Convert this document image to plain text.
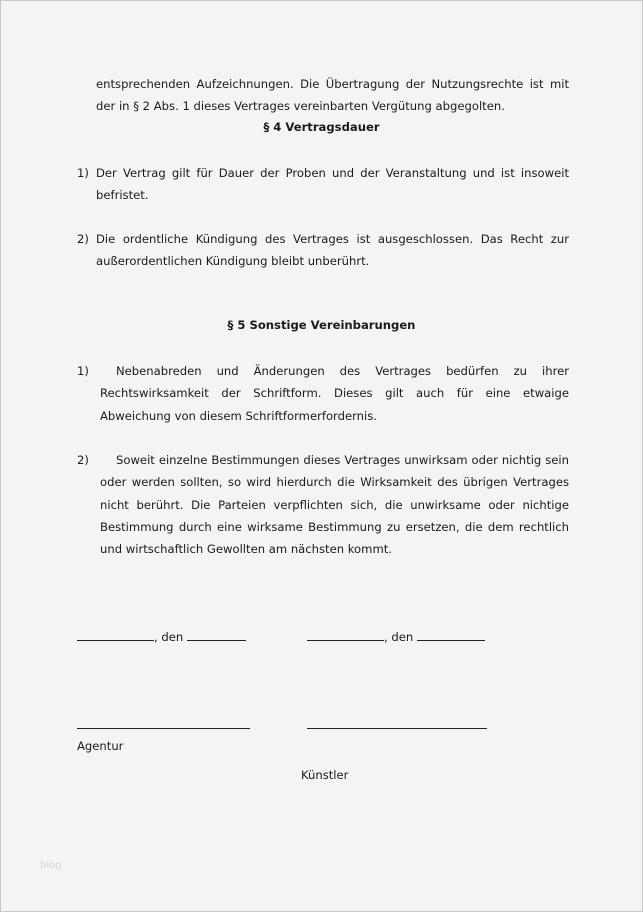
entsprechenden Aufzeichnungen. Die Übertragung der Nutzungsrechte ist mit der in § 2 Abs. 1 dieses Vertrages vereinbarten Vergütung abgegolten.
§ 4 Vertragsdauer
1) Der Vertrag gilt für Dauer der Proben und der Veranstaltung und ist insoweit befristet.
2) Die ordentliche Kündigung des Vertrages ist ausgeschlossen. Das Recht zur außerordentlichen Kündigung bleibt unberührt.
§ 5 Sonstige Vereinbarungen
1)	Nebenabreden und Änderungen des Vertrages bedürfen zu ihrer Rechtswirksamkeit der Schriftform. Dieses gilt auch für eine etwaige Abweichung von diesem Schriftformerfordernis.
2)	Soweit einzelne Bestimmungen dieses Vertrages unwirksam oder nichtig sein oder werden sollten, so wird hierdurch die Wirksamkeit des übrigen Vertrages nicht berührt. Die Parteien verpflichten sich, die unwirksame oder nichtige Bestimmung durch eine wirksame Bestimmung zu ersetzen, die dem rechtlich und wirtschaftlich Gewollten am nächsten kommt.
, den	, den
Agentur
Künstler
blog
